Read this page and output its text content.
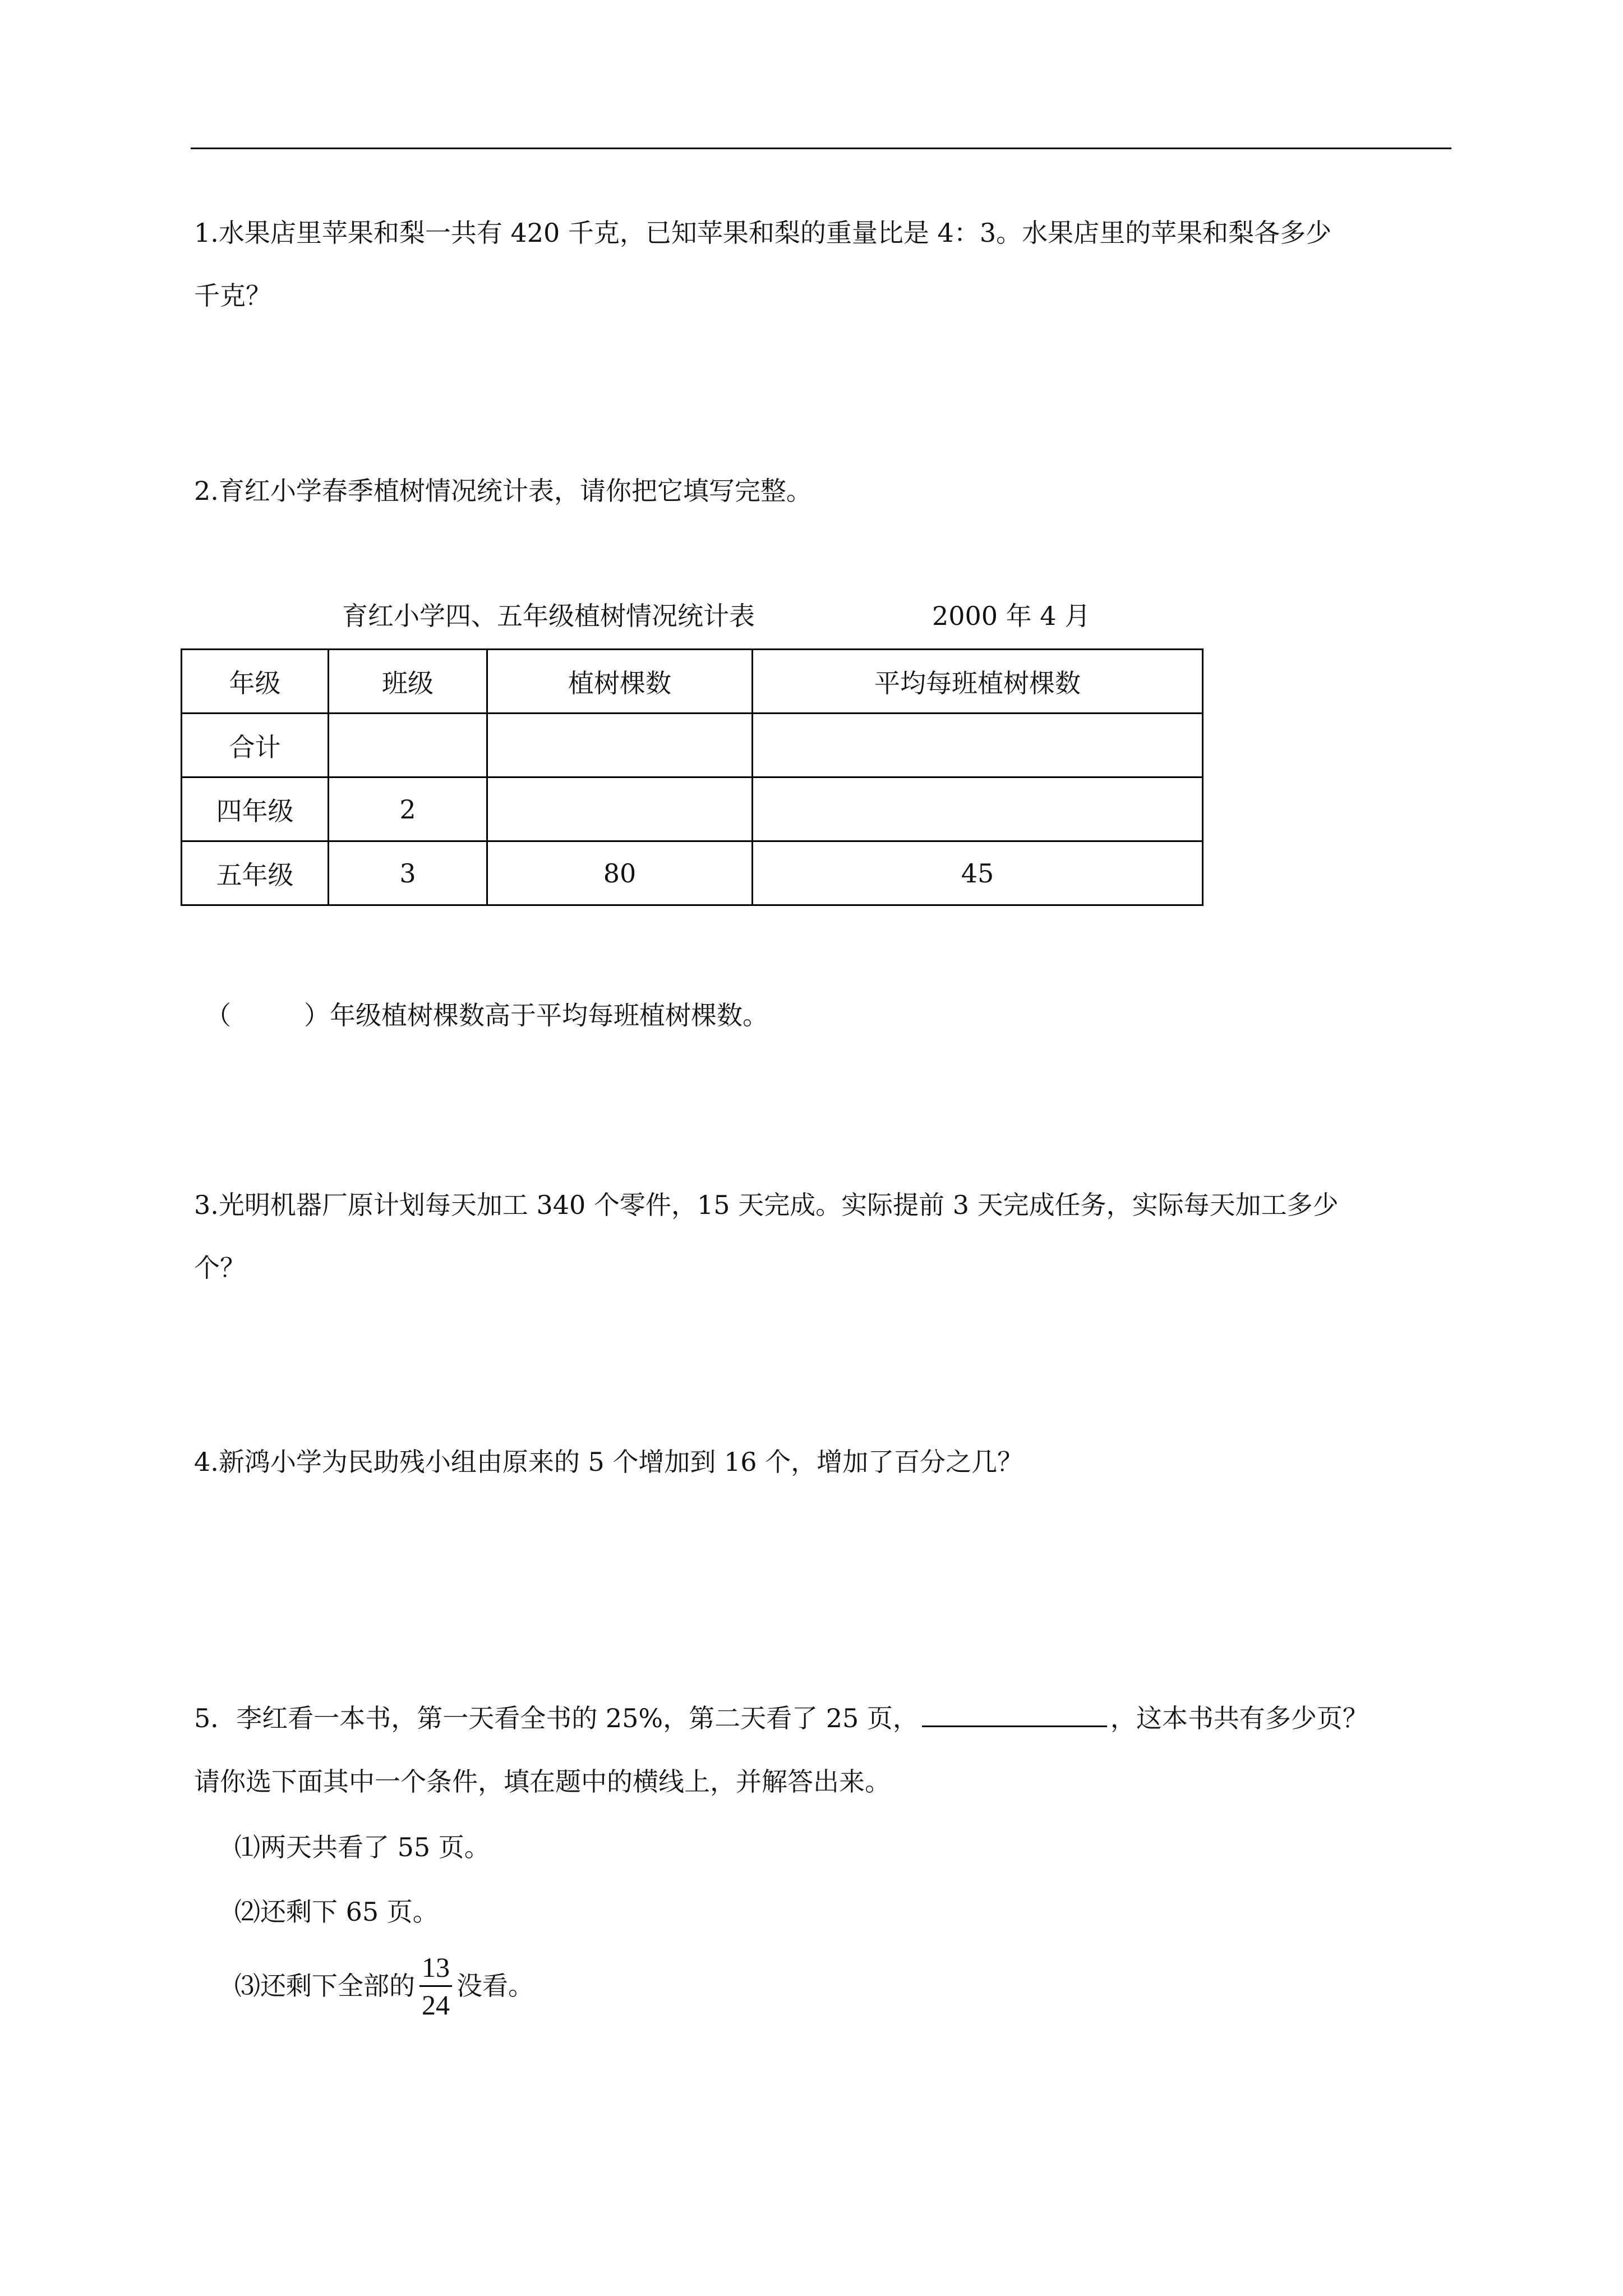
1.水果店里苹果和梨一共有 420 千克，已知苹果和梨的重量比是 4：3。水果店里的苹果和梨各多少
千克？
2.育红小学春季植树情况统计表，请你把它填写完整。
育红小学四、五年级植树情况统计表	2000 年 4 月
年级	班级	植树棵数	平均每班植树棵数
合计			
四年级	2		
五年级	3	80	45
（	）年级植树棵数高于平均每班植树棵数。
3.光明机器厂原计划每天加工 340 个零件，15 天完成。实际提前 3 天完成任务，实际每天加工多少
个？
4.新鸿小学为民助残小组由原来的 5 个增加到 16 个，增加了百分之几？
5．李红看一本书，第一天看全书的 25%，第二天看了 25 页，	，这本书共有多少页？
请你选下面其中一个条件，填在题中的横线上，并解答出来。
⑴两天共看了 55 页。
⑵还剩下 65 页。
⑶还剩下全部的 $\frac{13}{24}$ 没看。
